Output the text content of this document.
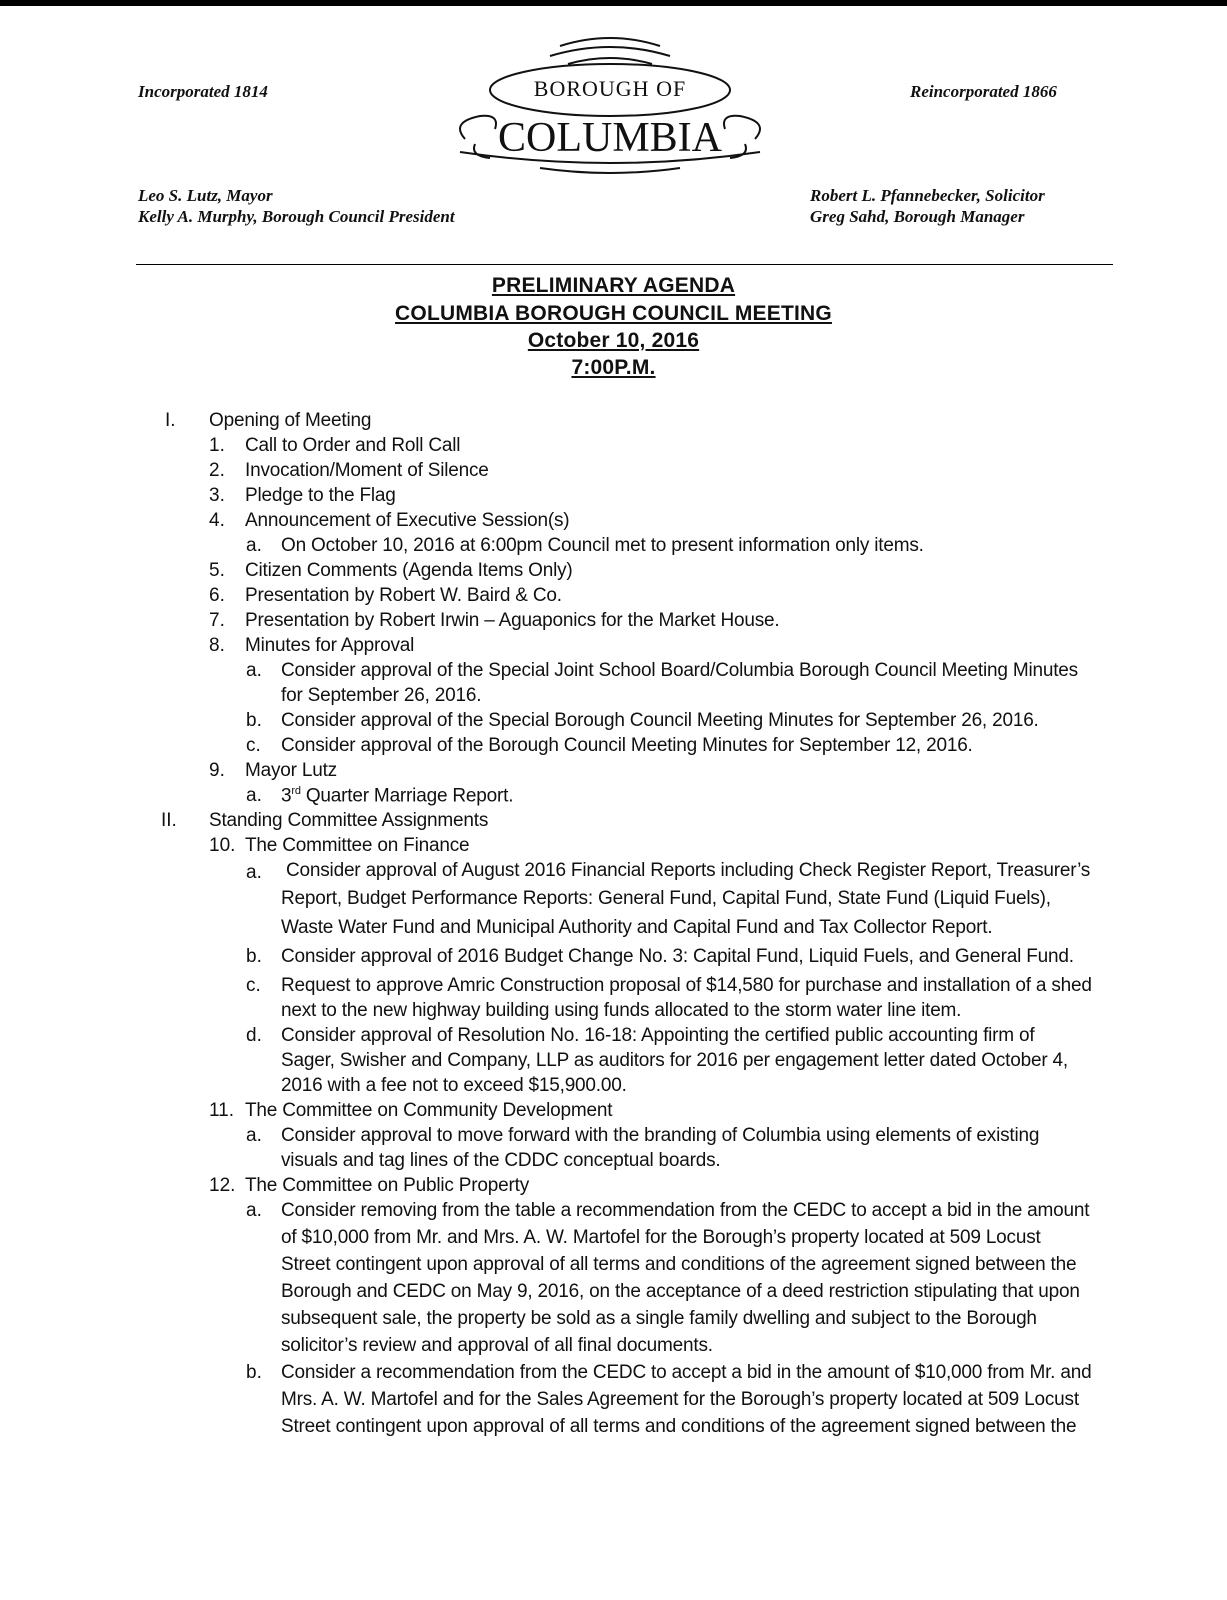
Incorporated 1814	Reincorporated 1866
BOROUGH OF
COLUMBIA
Leo S. Lutz, Mayor
Kelly A. Murphy, Borough Council President
Robert L. Pfannebecker, Solicitor
Greg Sahd, Borough Manager
PRELIMINARY AGENDA
COLUMBIA BOROUGH COUNCIL MEETING
October 10, 2016
7:00P.M.
I. Opening of Meeting
1. Call to Order and Roll Call
2. Invocation/Moment of Silence
3. Pledge to the Flag
4. Announcement of Executive Session(s)
a. On October 10, 2016 at 6:00pm Council met to present information only items.
5. Citizen Comments (Agenda Items Only)
6. Presentation by Robert W. Baird & Co.
7. Presentation by Robert Irwin – Aguaponics for the Market House.
8. Minutes for Approval
a. Consider approval of the Special Joint School Board/Columbia Borough Council Meeting Minutes
for September 26, 2016.
b. Consider approval of the Special Borough Council Meeting Minutes for September 26, 2016.
c. Consider approval of the Borough Council Meeting Minutes for September 12, 2016.
9. Mayor Lutz
a. 3rd Quarter Marriage Report.
II. Standing Committee Assignments
10. The Committee on Finance
a. Consider approval of August 2016 Financial Reports including Check Register Report, Treasurer’s
Report, Budget Performance Reports: General Fund, Capital Fund, State Fund (Liquid Fuels),
Waste Water Fund and Municipal Authority and Capital Fund and Tax Collector Report.
b. Consider approval of 2016 Budget Change No. 3: Capital Fund, Liquid Fuels, and General Fund.
c. Request to approve Amric Construction proposal of $14,580 for purchase and installation of a shed
next to the new highway building using funds allocated to the storm water line item.
d. Consider approval of Resolution No. 16-18: Appointing the certified public accounting firm of
Sager, Swisher and Company, LLP as auditors for 2016 per engagement letter dated October 4,
2016 with a fee not to exceed $15,900.00.
11. The Committee on Community Development
a. Consider approval to move forward with the branding of Columbia using elements of existing
visuals and tag lines of the CDDC conceptual boards.
12. The Committee on Public Property
a. Consider removing from the table a recommendation from the CEDC to accept a bid in the amount
of $10,000 from Mr. and Mrs. A. W. Martofel for the Borough’s property located at 509 Locust
Street contingent upon approval of all terms and conditions of the agreement signed between the
Borough and CEDC on May 9, 2016, on the acceptance of a deed restriction stipulating that upon
subsequent sale, the property be sold as a single family dwelling and subject to the Borough
solicitor’s review and approval of all final documents.
b. Consider a recommendation from the CEDC to accept a bid in the amount of $10,000 from Mr. and
Mrs. A. W. Martofel and for the Sales Agreement for the Borough’s property located at 509 Locust
Street contingent upon approval of all terms and conditions of the agreement signed between the
